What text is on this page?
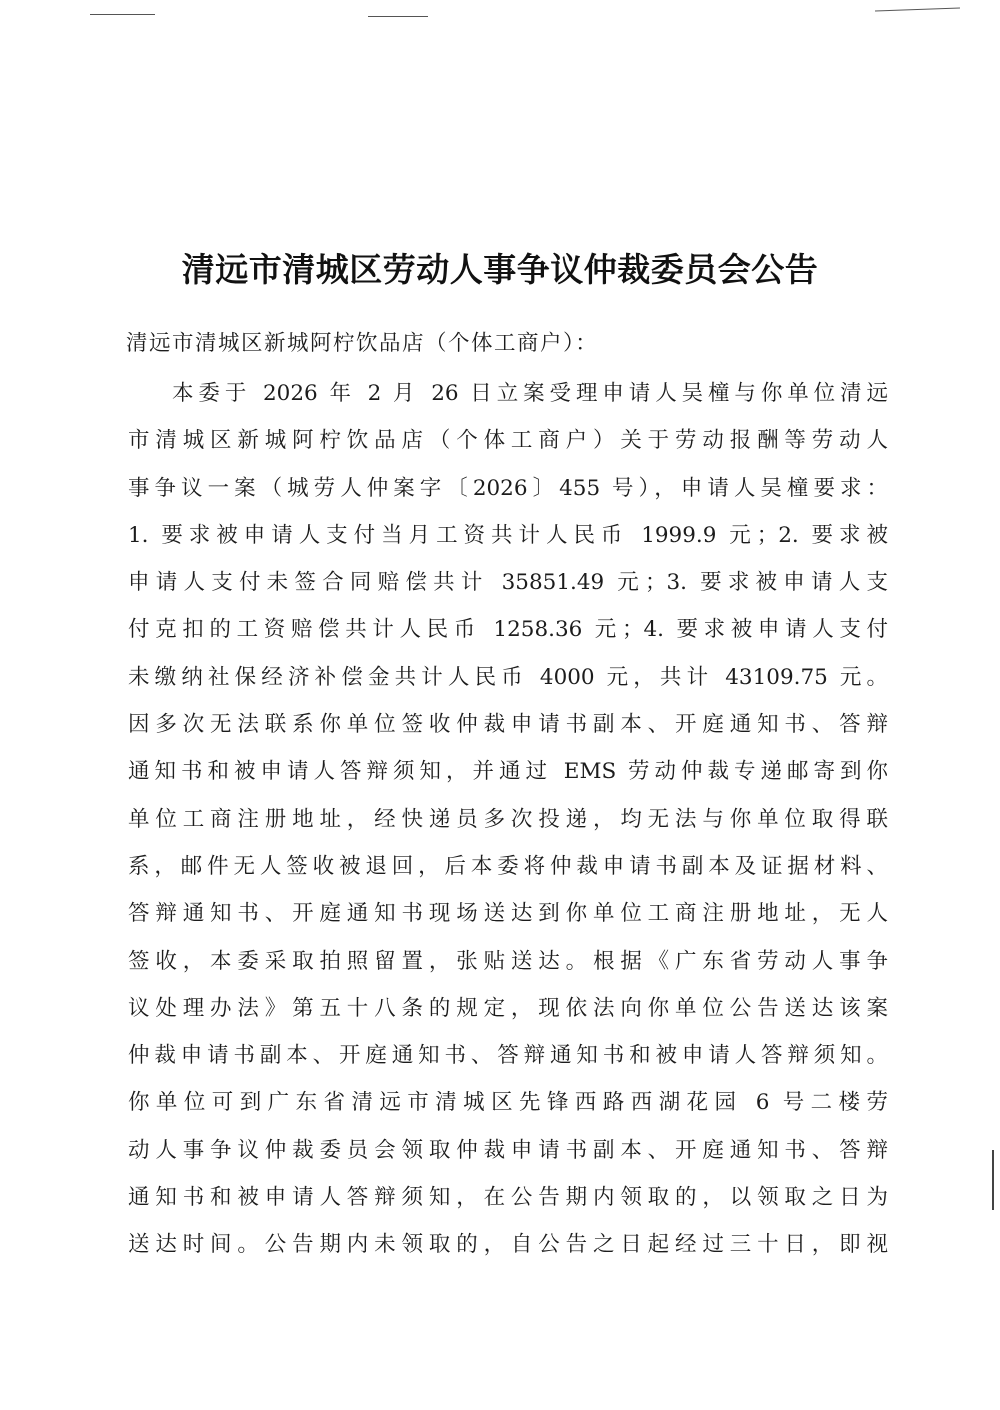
清远市清城区劳动人事争议仲裁委员会公告
清远市清城区新城阿柠饮品店（个体工商户）：
本委于 2026 年 2 月 26 日立案受理申请人吴橦与你单位清远
市清城区新城阿柠饮品店（个体工商户）关于劳动报酬等劳动人
事争议一案（城劳人仲案字〔2026〕455 号），申请人吴橦要求：
1. 要求被申请人支付当月工资共计人民币 1999.9 元；2. 要求被
申请人支付未签合同赔偿共计 35851.49 元；3. 要求被申请人支
付克扣的工资赔偿共计人民币 1258.36 元；4. 要求被申请人支付
未缴纳社保经济补偿金共计人民币 4000 元，共计 43109.75 元。
因多次无法联系你单位签收仲裁申请书副本、开庭通知书、答辩
通知书和被申请人答辩须知，并通过 EMS 劳动仲裁专递邮寄到你
单位工商注册地址，经快递员多次投递，均无法与你单位取得联
系，邮件无人签收被退回，后本委将仲裁申请书副本及证据材料、
答辩通知书、开庭通知书现场送达到你单位工商注册地址，无人
签收，本委采取拍照留置，张贴送达。根据《广东省劳动人事争
议处理办法》第五十八条的规定，现依法向你单位公告送达该案
仲裁申请书副本、开庭通知书、答辩通知书和被申请人答辩须知。
你单位可到广东省清远市清城区先锋西路西湖花园 6 号二楼劳
动人事争议仲裁委员会领取仲裁申请书副本、开庭通知书、答辩
通知书和被申请人答辩须知，在公告期内领取的，以领取之日为
送达时间。公告期内未领取的，自公告之日起经过三十日，即视
